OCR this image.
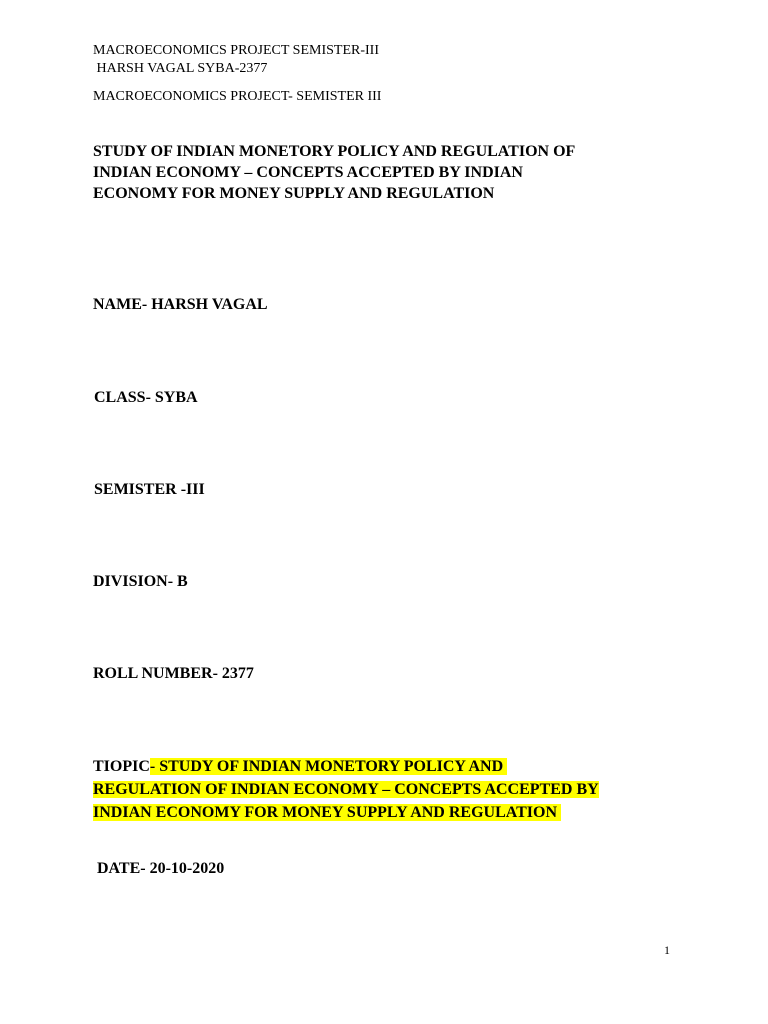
MACROECONOMICS PROJECT SEMISTER-III
HARSH VAGAL SYBA-2377
MACROECONOMICS PROJECT- SEMISTER III
STUDY OF INDIAN MONETORY POLICY AND REGULATION OF
INDIAN ECONOMY – CONCEPTS ACCEPTED BY INDIAN
ECONOMY FOR MONEY SUPPLY AND REGULATION
NAME- HARSH VAGAL
CLASS- SYBA
SEMISTER -III
DIVISION- B
ROLL NUMBER- 2377
TIOPIC- STUDY OF INDIAN MONETORY POLICY AND
REGULATION OF INDIAN ECONOMY – CONCEPTS ACCEPTED BY
INDIAN ECONOMY FOR MONEY SUPPLY AND REGULATION
DATE- 20-10-2020
1
